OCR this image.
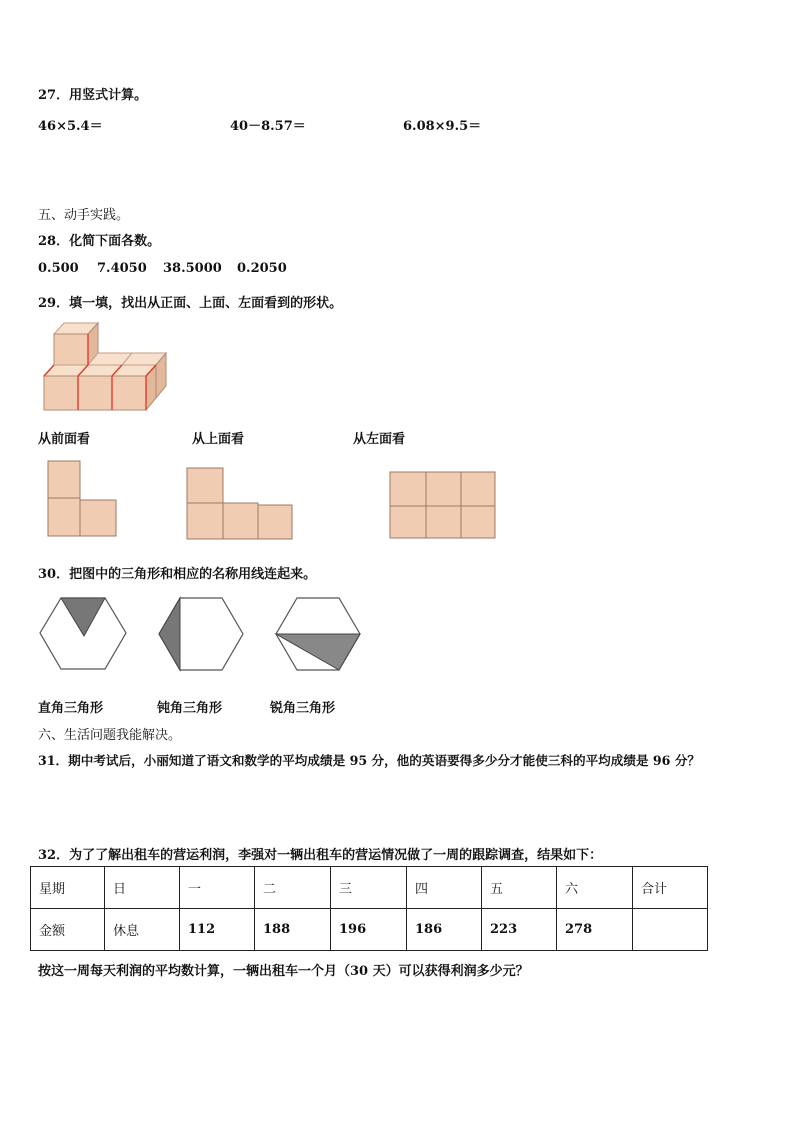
27．用竖式计算。
46×5.4＝	40－8.57＝	6.08×9.5＝
五、动手实践。
28．化简下面各数。
0.500 7.4050 38.5000 0.2050
29．填一填，找出从正面、上面、左面看到的形状。
从前面看	从上面看	从左面看
30．把图中的三角形和相应的名称用线连起来。
直角三角形	钝角三角形	锐角三角形
六、生活问题我能解决。
31．期中考试后，小丽知道了语文和数学的平均成绩是 95 分，他的英语要得多少分才能使三科的平均成绩是 96 分？
32．为了了解出租车的营运利润，李强对一辆出租车的营运情况做了一周的跟踪调查，结果如下：
星期	日	一	二	三	四	五	六	合计
金额	休息	112	188	196	186	223	278	
按这一周每天利润的平均数计算，一辆出租车一个月（30 天）可以获得利润多少元？
